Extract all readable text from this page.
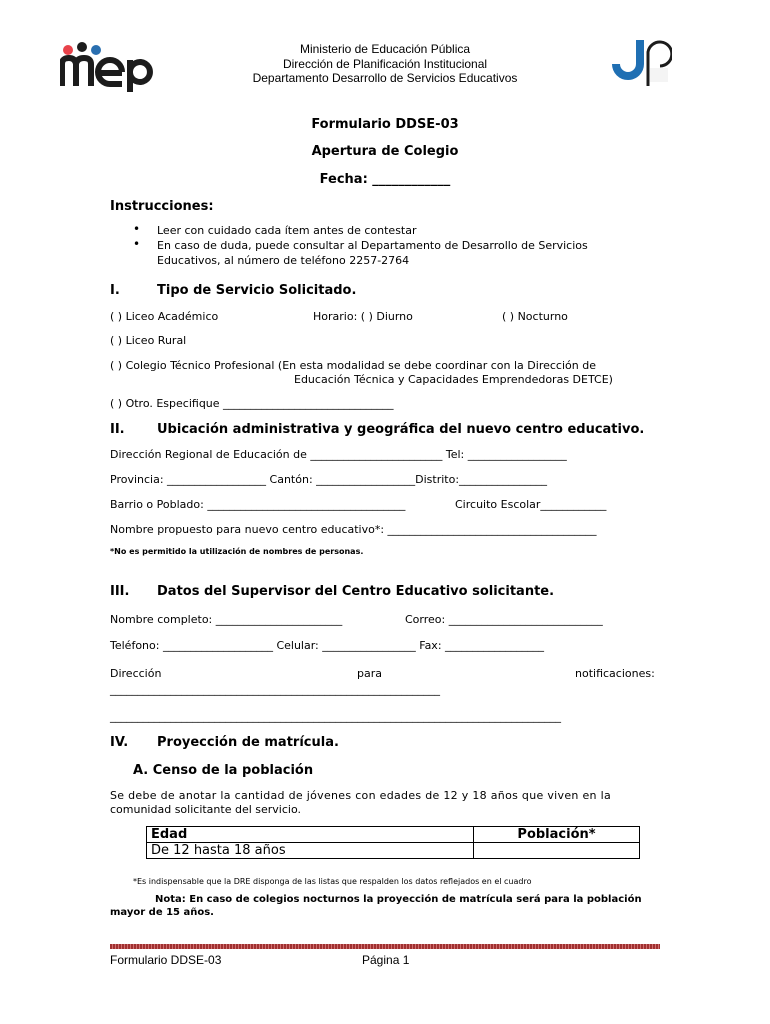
Ministerio de Educación Pública
Dirección de Planificación Institucional
Departamento Desarrollo de Servicios Educativos
Formulario DDSE-03
Apertura de Colegio
Fecha: ____________
Instrucciones:
• Leer con cuidado cada ítem antes de contestar
• En caso de duda, puede consultar al Departamento de Desarrollo de Servicios
Educativos, al número de teléfono 2257-2764
I.	Tipo de Servicio Solicitado.
( ) Liceo Académico	Horario: ( ) Diurno	( ) Nocturno
( ) Liceo Rural
( ) Colegio Técnico Profesional (En esta modalidad se debe coordinar con la Dirección de
Educación Técnica y Capacidades Emprendedoras DETCE)
( ) Otro. Especifique _______________________________
II. Ubicación administrativa y geográfica del nuevo centro educativo.
Dirección Regional de Educación de ________________________ Tel: __________________
Provincia: __________________ Cantón: __________________Distrito:________________
Barrio o Poblado: ____________________________________	Circuito Escolar____________
Nombre propuesto para nuevo centro educativo*: ______________________________________
*No es permitido la utilización de nombres de personas.
III. Datos del Supervisor del Centro Educativo solicitante.
Nombre completo: _______________________	Correo: ____________________________
Teléfono: ____________________ Celular: _________________ Fax: __________________
Dirección	para	notificaciones:
____________________________________________________________
__________________________________________________________________________________
IV. Proyección de matrícula.
A. Censo de la población
Se debe de anotar la cantidad de jóvenes con edades de 12 y 18 años que viven en la
comunidad solicitante del servicio.
Edad	Población*
De 12 hasta 18 años	
*Es indispensable que la DRE disponga de las listas que respalden los datos reflejados en el cuadro
Nota: En caso de colegios nocturnos la proyección de matrícula será para la población
mayor de 15 años.
Formulario DDSE-03	Página 1
